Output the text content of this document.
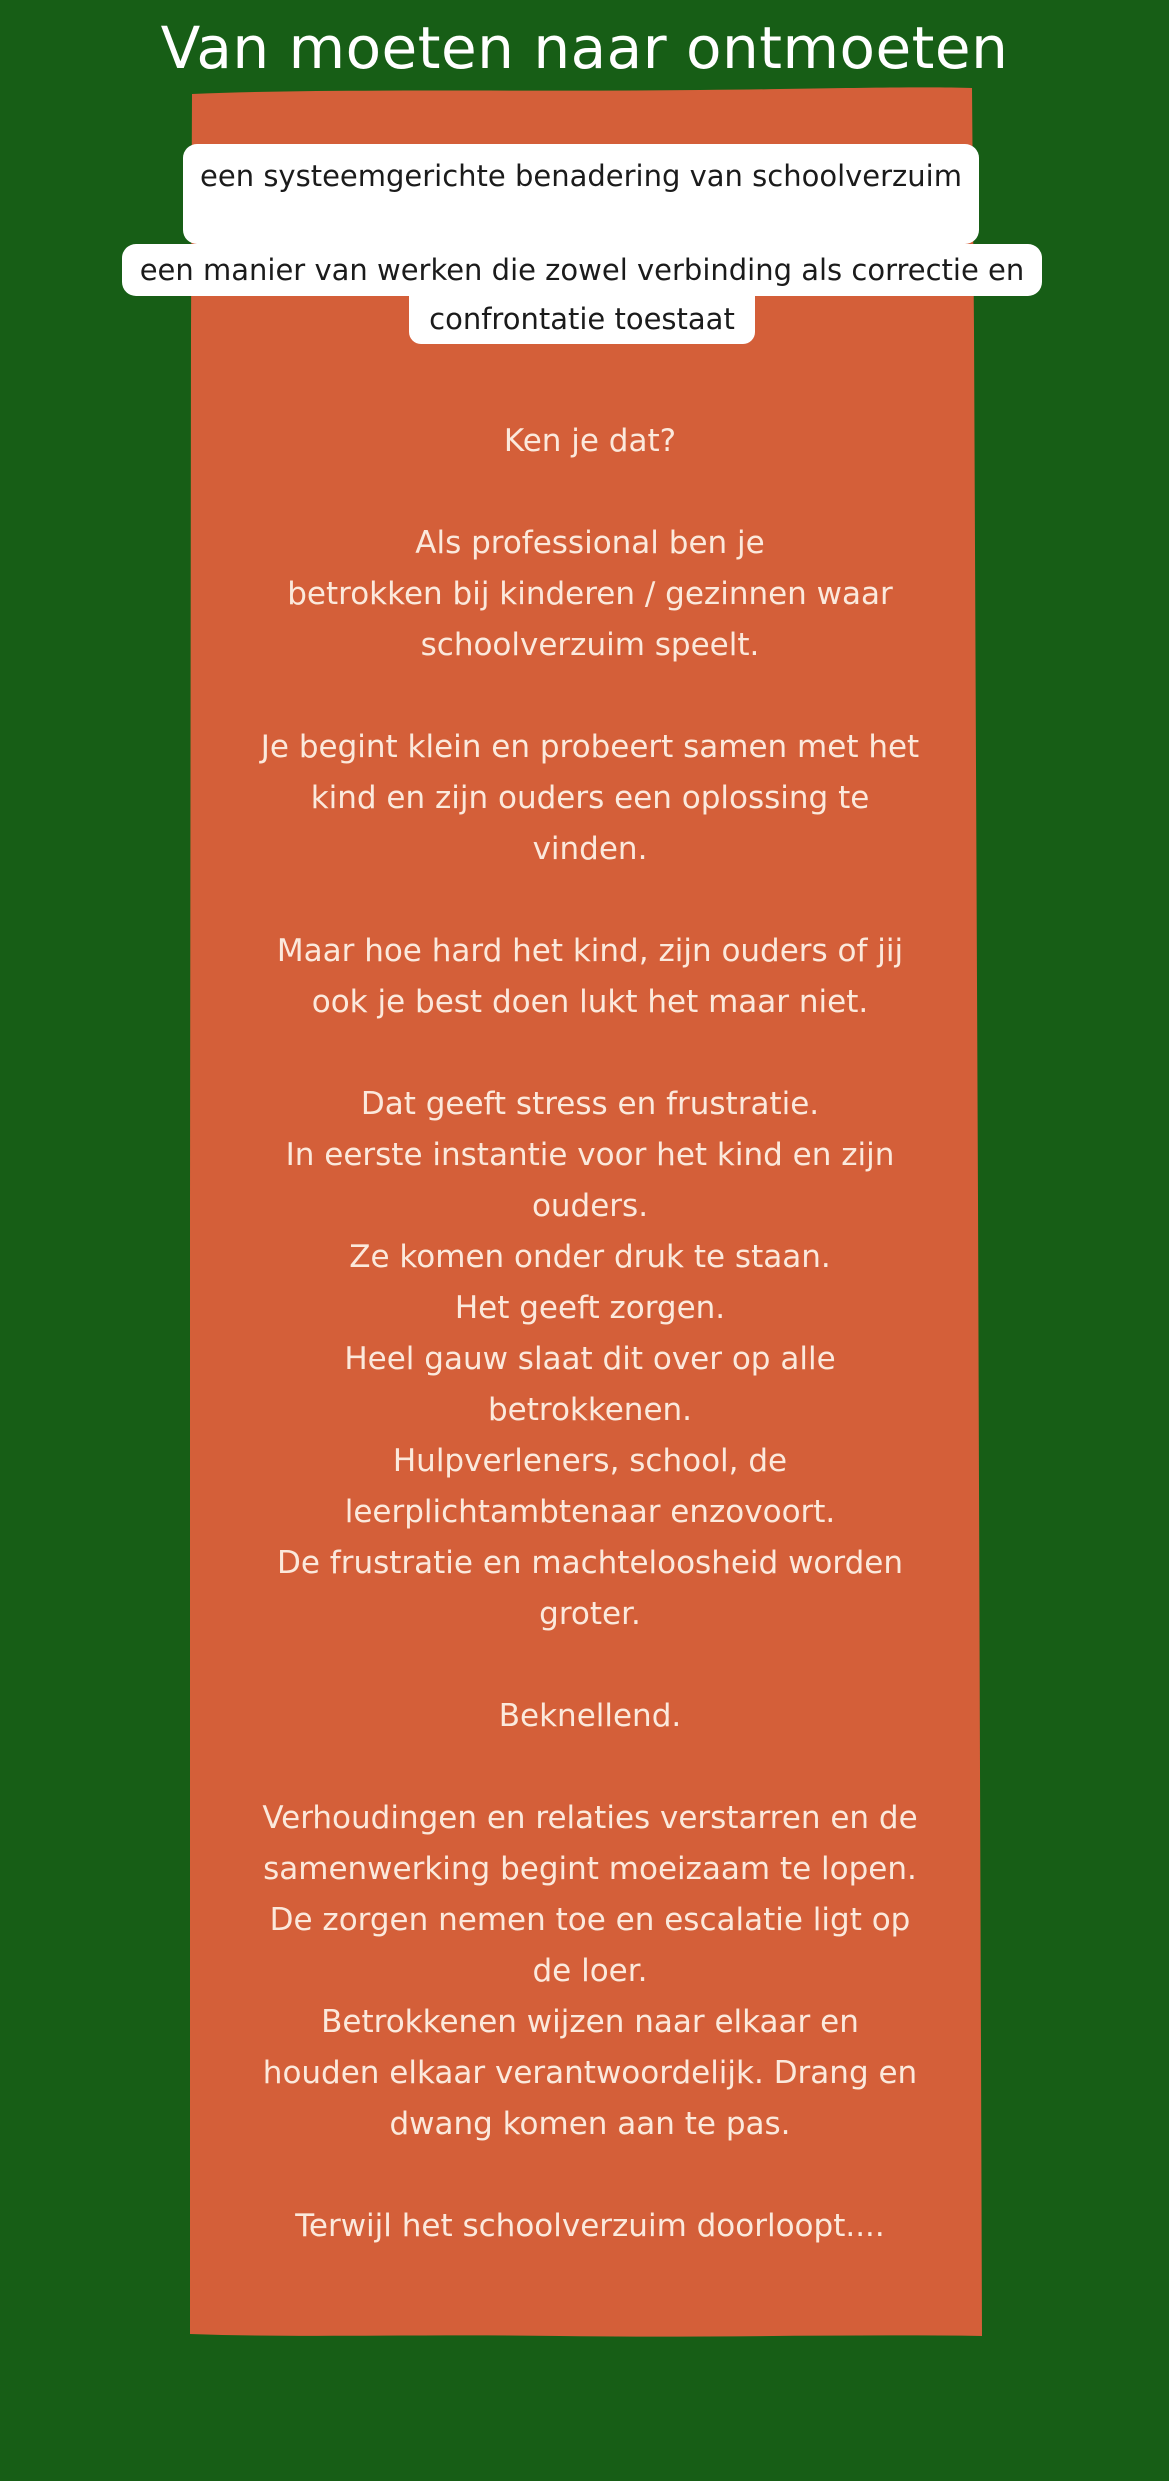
Van moeten naar ontmoeten
een systeemgerichte benadering van schoolverzuim
een manier van werken die zowel verbinding als correctie en
confrontatie toestaat
Ken je dat?
Als professional ben je
betrokken bij kinderen / gezinnen waar
schoolverzuim speelt.
Je begint klein en probeert samen met het
kind en zijn ouders een oplossing te
vinden.
Maar hoe hard het kind, zijn ouders of jij
ook je best doen lukt het maar niet.
Dat geeft stress en frustratie.
In eerste instantie voor het kind en zijn
ouders.
Ze komen onder druk te staan.
Het geeft zorgen.
Heel gauw slaat dit over op alle
betrokkenen.
Hulpverleners, school, de
leerplichtambtenaar enzovoort.
De frustratie en machteloosheid worden
groter.
Beknellend.
Verhoudingen en relaties verstarren en de
samenwerking begint moeizaam te lopen.
De zorgen nemen toe en escalatie ligt op
de loer.
Betrokkenen wijzen naar elkaar en
houden elkaar verantwoordelijk. Drang en
dwang komen aan te pas.
Terwijl het schoolverzuim doorloopt....
